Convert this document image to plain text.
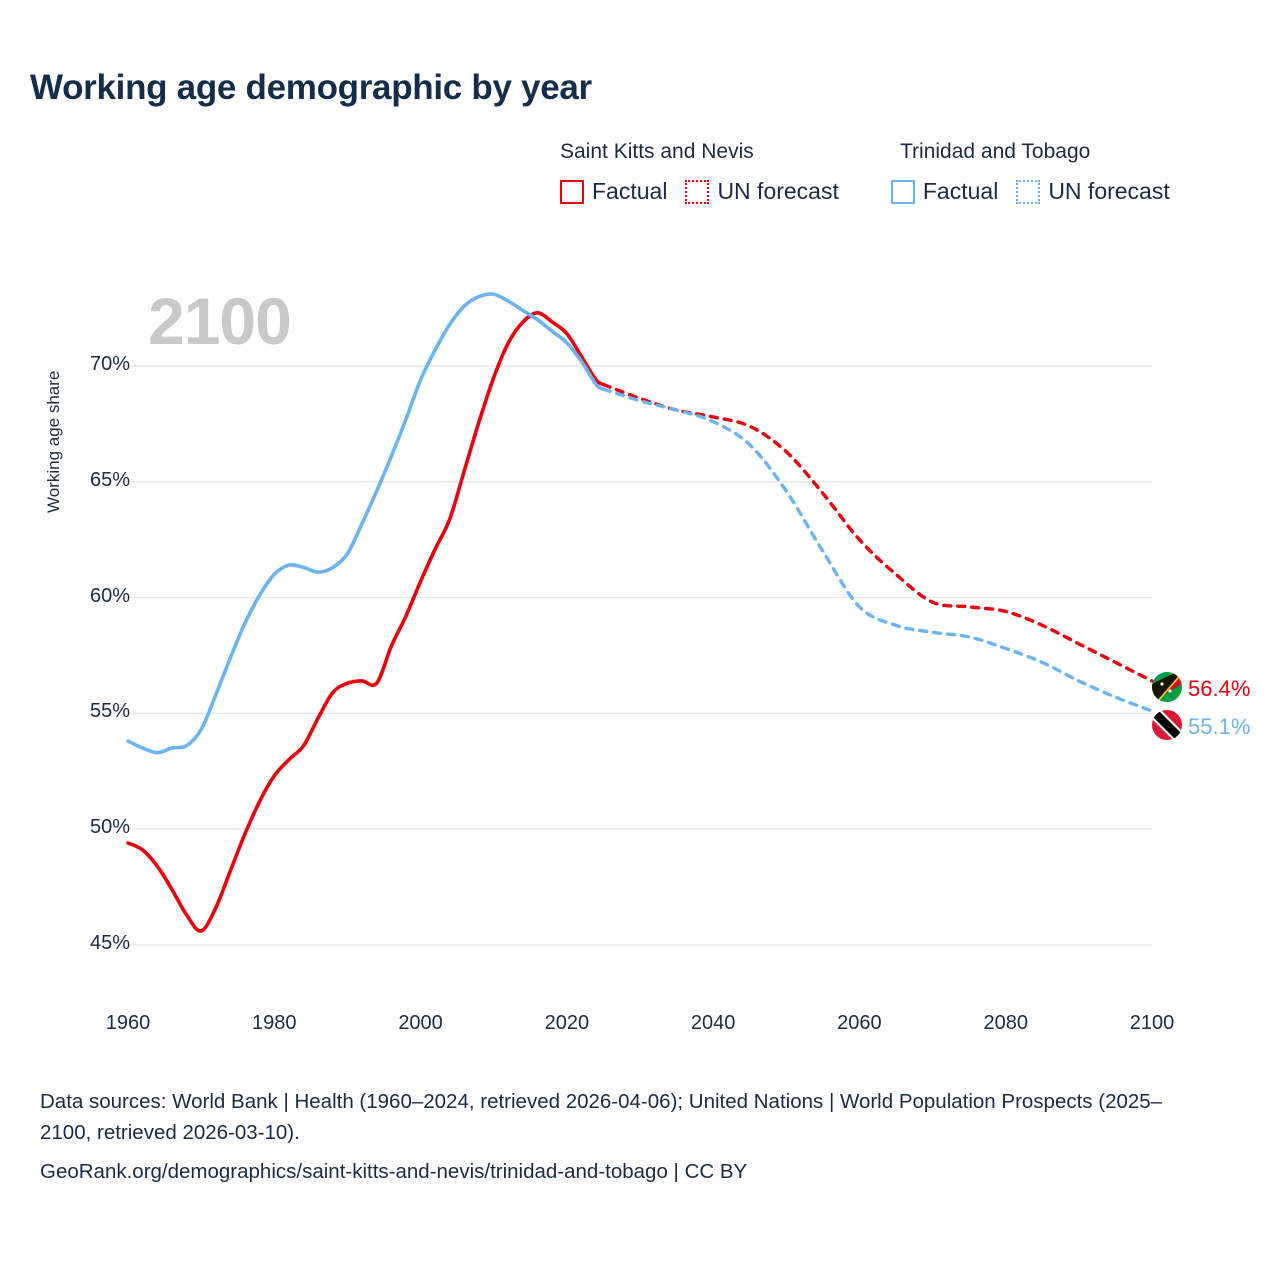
Working age demographic by year
Saint Kitts and Nevis	Trinidad and Tobago
Factual UN forecast	Factual UN forecast
2100
Working age share
45%
50%
55%
60%
65%
70%
1960	1980	2000	2020	2040	2060	2080	2100
56.4%
55.1%
Data sources: World Bank | Health (1960–2024, retrieved 2026-04-06); United Nations | World Population Prospects (2025–2100, retrieved 2026-03-10).
GeoRank.org/demographics/saint-kitts-and-nevis/trinidad-and-tobago | CC BY
